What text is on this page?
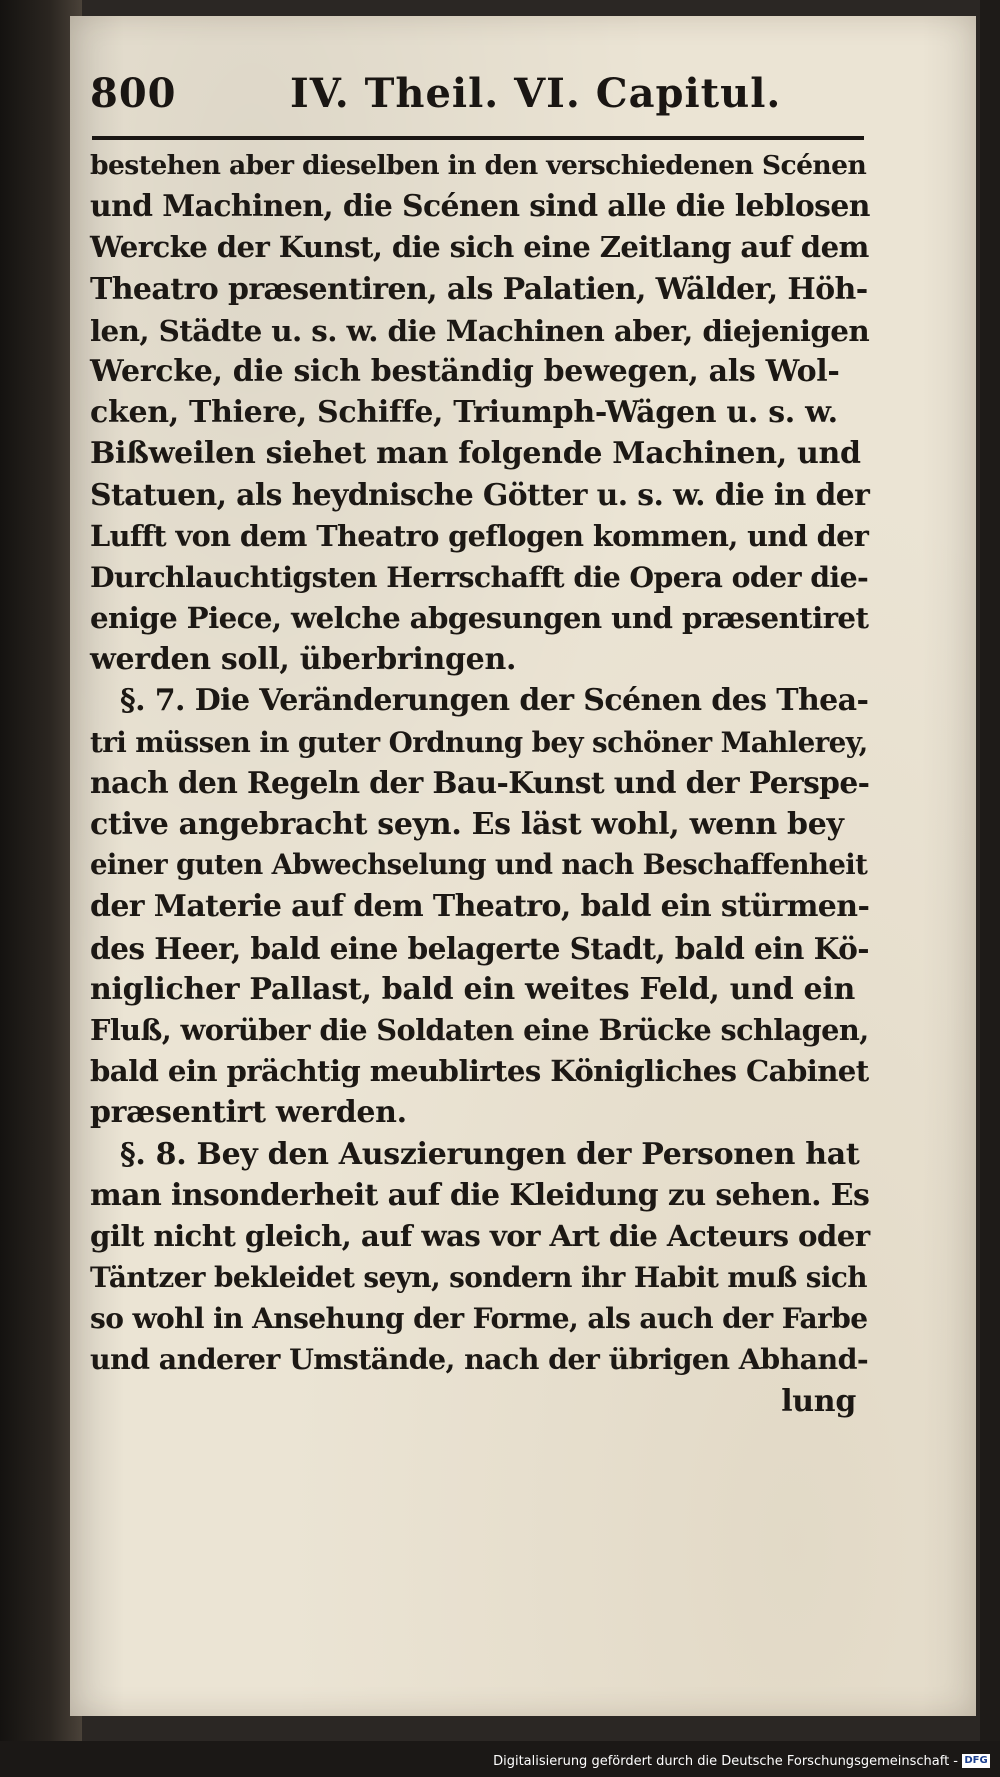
800	IV. Theil. VI. Capitul.
bestehen aber dieselben in den verschiedenen Scénen
und Machinen, die Scénen sind alle die leblosen
Wercke der Kunst, die sich eine Zeitlang auf dem
Theatro præsentiren, als Palatien, Wälder, Höh-
len, Städte u. s. w. die Machinen aber, diejenigen
Wercke, die sich beständig bewegen, als Wol-
cken, Thiere, Schiffe, Triumph-Wägen u. s. w.
Bißweilen siehet man folgende Machinen, und
Statuen, als heydnische Götter u. s. w. die in der
Lufft von dem Theatro geflogen kommen, und der
Durchlauchtigsten Herrschafft die Opera oder die-
enige Piece, welche abgesungen und præsentiret
werden soll, überbringen.
§. 7. Die Veränderungen der Scénen des Thea-
tri müssen in guter Ordnung bey schöner Mahlerey,
nach den Regeln der Bau-Kunst und der Perspe-
ctive angebracht seyn. Es läst wohl, wenn bey
einer guten Abwechselung und nach Beschaffenheit
der Materie auf dem Theatro, bald ein stürmen-
des Heer, bald eine belagerte Stadt, bald ein Kö-
niglicher Pallast, bald ein weites Feld, und ein
Fluß, worüber die Soldaten eine Brücke schlagen,
bald ein prächtig meublirtes Königliches Cabinet
præsentirt werden.
§. 8. Bey den Auszierungen der Personen hat
man insonderheit auf die Kleidung zu sehen. Es
gilt nicht gleich, auf was vor Art die Acteurs oder
Täntzer bekleidet seyn, sondern ihr Habit muß sich
so wohl in Ansehung der Forme, als auch der Farbe
und anderer Umstände, nach der übrigen Abhand-
lung
Digitalisierung gefördert durch die Deutsche Forschungsgemeinschaft - DFG
